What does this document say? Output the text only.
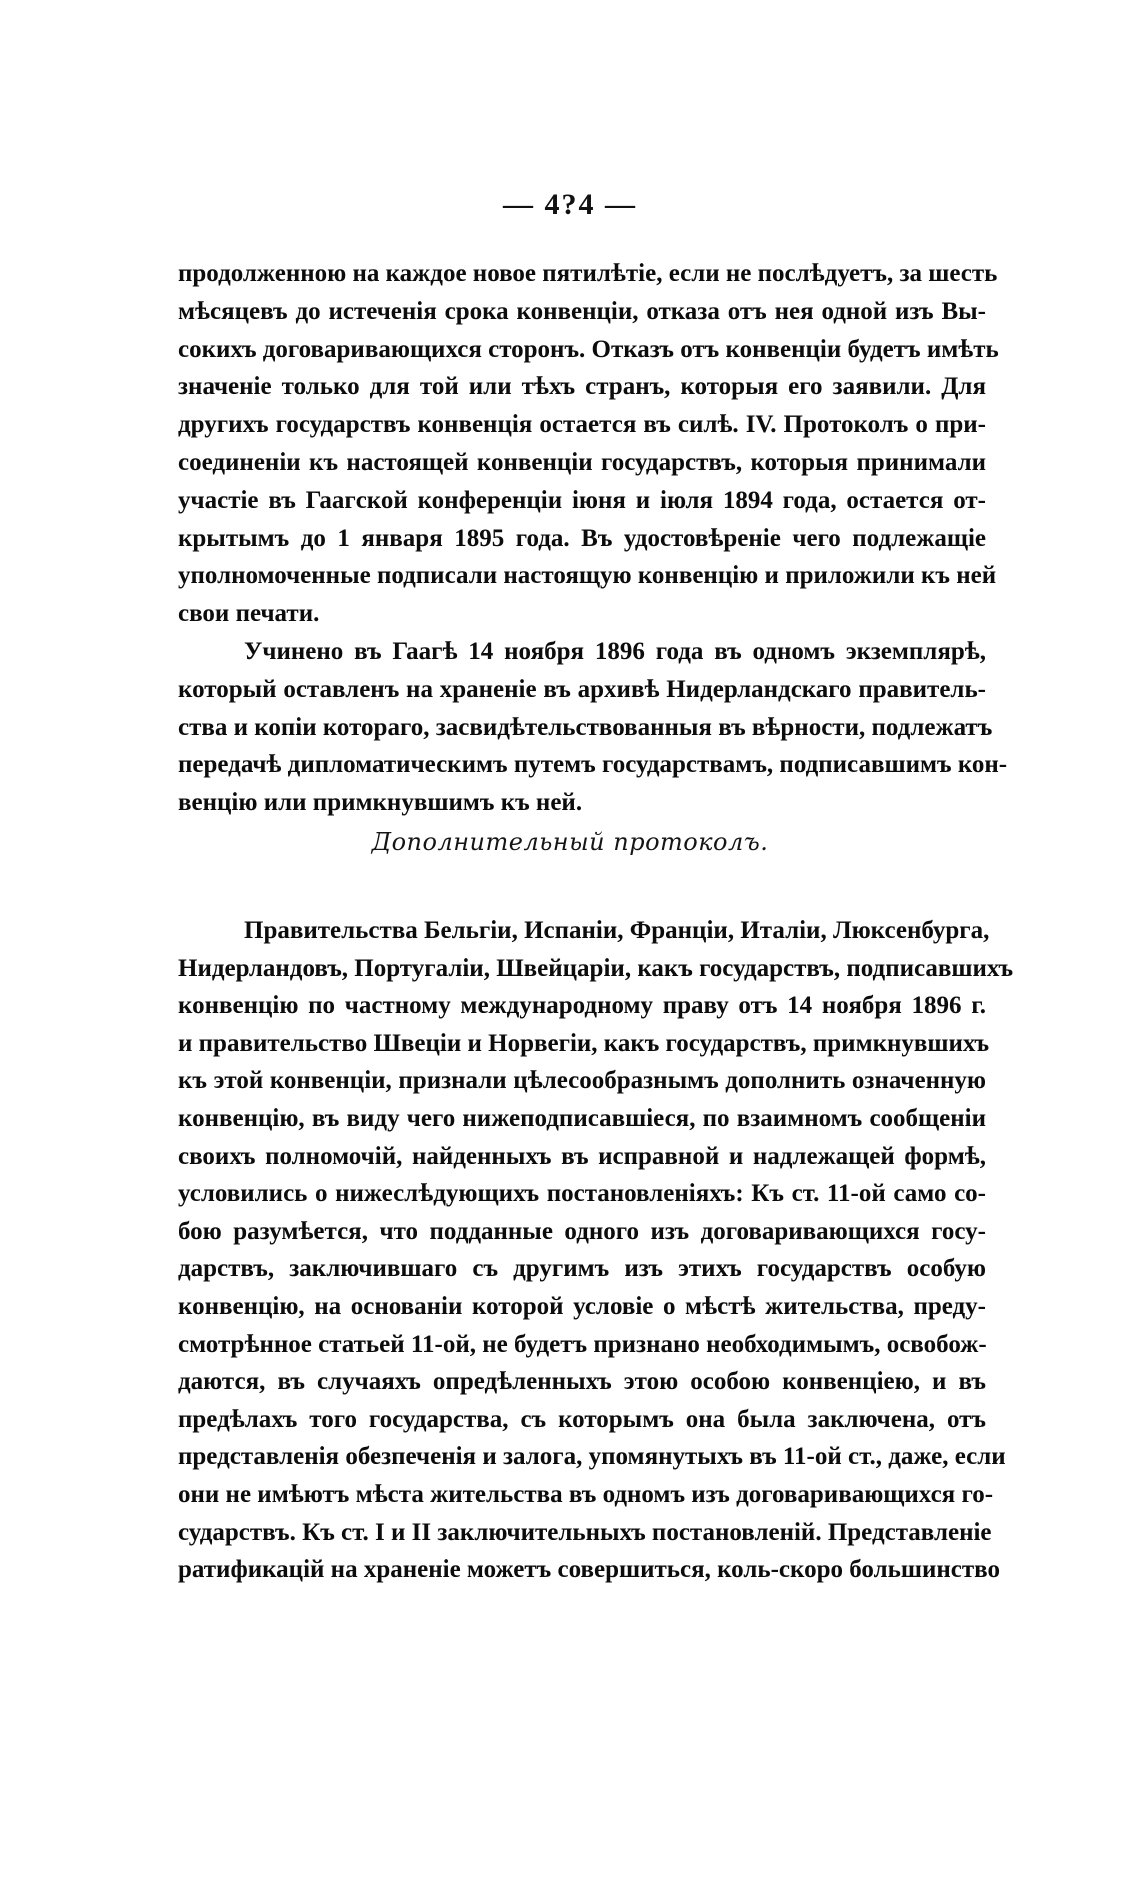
— 4?4 —
продолженною на каждое новое пятилѣтіе, если не послѣдуетъ, за шесть
мѣсяцевъ до истеченія срока конвенціи, отказа отъ нея одной изъ Вы-
сокихъ договаривающихся сторонъ. Отказъ отъ конвенціи будетъ имѣть
значеніе только для той или тѣхъ странъ, которыя его заявили. Для
другихъ государствъ конвенція остается въ силѣ. IV. Протоколъ о при-
соединеніи къ настоящей конвенціи государствъ, которыя принимали
участіе въ Гаагской конференціи іюня и іюля 1894 года, остается от-
крытымъ до 1 января 1895 года. Въ удостовѣреніе чего подлежащіе
уполномоченные подписали настоящую конвенцію и приложили къ ней
свои печати.
Учинено въ Гаагѣ 14 ноября 1896 года въ одномъ экземплярѣ,
который оставленъ на храненіе въ архивѣ Нидерландскаго правитель-
ства и копіи котораго, засвидѣтельствованныя въ вѣрности, подлежатъ
передачѣ дипломатическимъ путемъ государствамъ, подписавшимъ кон-
венцію или примкнувшимъ къ ней.
Дополнительный протоколъ.
Правительства Бельгіи, Испаніи, Франціи, Италіи, Люксенбурга,
Нидерландовъ, Португаліи, Швейцаріи, какъ государствъ, подписавшихъ
конвенцію по частному международному праву отъ 14 ноября 1896 г.
и правительство Швеціи и Норвегіи, какъ государствъ, примкнувшихъ
къ этой конвенціи, признали цѣлесообразнымъ дополнить означенную
конвенцію, въ виду чего нижеподписавшіеся, по взаимномъ сообщеніи
своихъ полномочій, найденныхъ въ исправной и надлежащей формѣ,
условились о нижеслѣдующихъ постановленіяхъ: Къ ст. 11-ой само со-
бою разумѣется, что подданные одного изъ договаривающихся госу-
дарствъ, заключившаго съ другимъ изъ этихъ государствъ особую
конвенцію, на основаніи которой условіе о мѣстѣ жительства, преду-
смотрѣнное статьей 11-ой, не будетъ признано необходимымъ, освобож-
даются, въ случаяхъ опредѣленныхъ этою особою конвенціею, и въ
предѣлахъ того государства, съ которымъ она была заключена, отъ
представленія обезпеченія и залога, упомянутыхъ въ 11-ой ст., даже, если
они не имѣютъ мѣста жительства въ одномъ изъ договаривающихся го-
сударствъ. Къ ст. I и II заключительныхъ постановленій. Представленіе
ратификацій на храненіе можетъ совершиться, коль-скоро большинство
